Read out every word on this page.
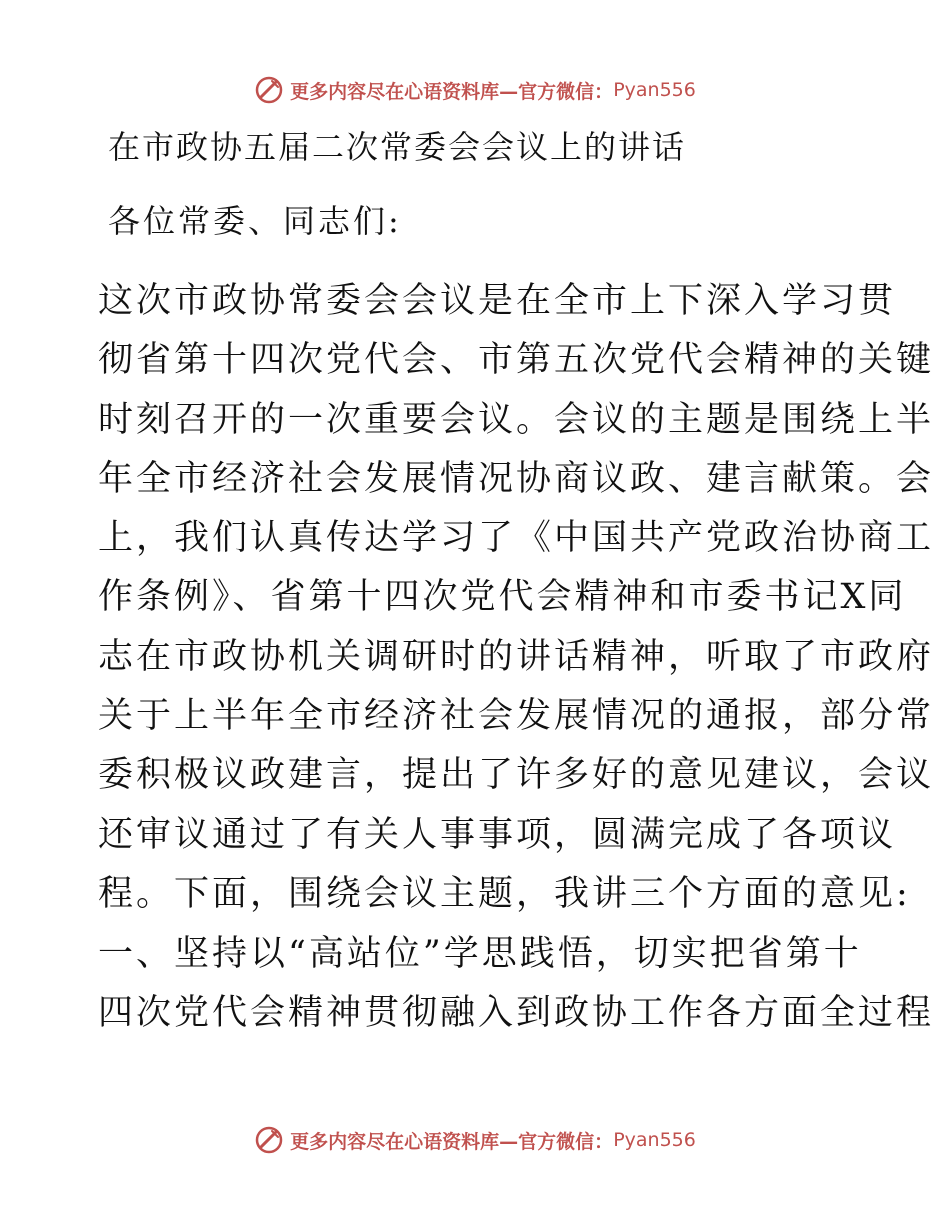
更多内容尽在心语资料库— 官方微信： Pyan556
在市政协五届二次常委会会议上的讲话
各位常委、同志们:
这次市政协常委会会议是在全市上下深入学习贯
彻省第十四次党代会、市第五次党代会精神的关键
时刻召开的一次重要会议。会议的主题是围绕上半
年全市经济社会发展情况协商议政、建言献策。会
上，我们认真传达学习了《中国共产党政治协商工
作条例》、省第十四次党代会精神和市委书记X同
志在市政协机关调研时的讲话精神，听取了市政府
关于上半年全市经济社会发展情况的通报，部分常
委积极议政建言，提出了许多好的意见建议，会议
还审议通过了有关人事事项，圆满完成了各项议
程。下面，围绕会议主题，我讲三个方面的意见:
一、坚持以“高站位”学思践悟，切实把省第十
四次党代会精神贯彻融入到政协工作各方面全过程
更多内容尽在心语资料库— 官方微信： Pyan556
